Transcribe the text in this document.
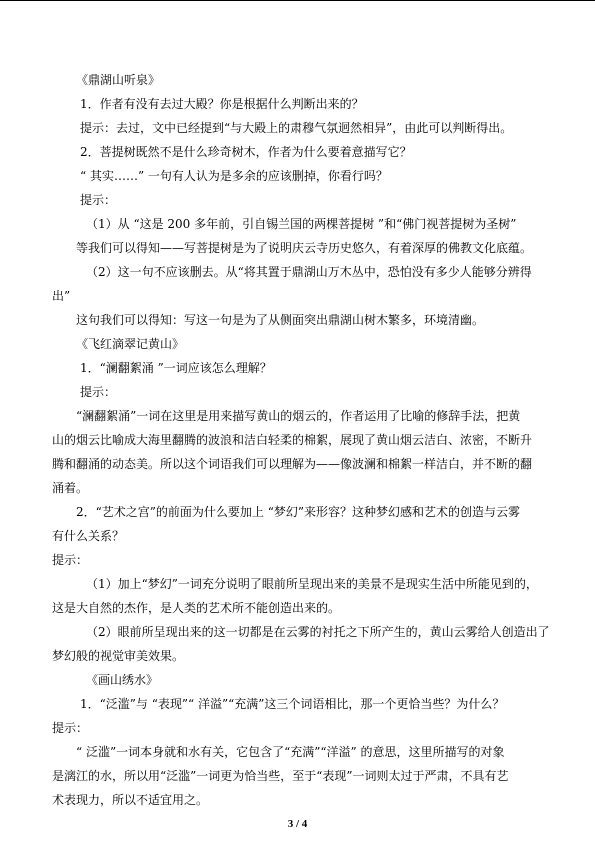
《鼎湖山听泉》
1．作者有没有去过大殿？你是根据什么判断出来的？
提示：去过，文中已经提到“与大殿上的肃穆气氛迥然相异”，由此可以判断得出。
2．菩提树既然不是什么珍奇树木，作者为什么要着意描写它？
“ 其实……” 一句有人认为是多余的应该删掉，你看行吗？
提示：
（1）从 “这是 200 多年前，引自锡兰国的两棵菩提树 ”和“佛门视菩提树为圣树”
等我们可以得知——写菩提树是为了说明庆云寺历史悠久，有着深厚的佛教文化底蕴。
（2）这一句不应该删去。从“将其置于鼎湖山万木丛中，恐怕没有多少人能够分辨得
出”
这句我们可以得知：写这一句是为了从侧面突出鼎湖山树木繁多，环境清幽。
《飞红滴翠记黄山》
1．“澜翻絮涌 ”一词应该怎么理解？
提示：
“澜翻絮涌”一词在这里是用来描写黄山的烟云的，作者运用了比喻的修辞手法，把黄
山的烟云比喻成大海里翻腾的波浪和洁白轻柔的棉絮，展现了黄山烟云洁白、浓密，不断升
腾和翻涌的动态美。所以这个词语我们可以理解为——像波澜和棉絮一样洁白，并不断的翻
涌着。
2．“艺术之宫”的前面为什么要加上 “梦幻”来形容？这种梦幻感和艺术的创造与云雾
有什么关系？
提示：
（1）加上“梦幻”一词充分说明了眼前所呈现出来的美景不是现实生活中所能见到的，
这是大自然的杰作，是人类的艺术所不能创造出来的。
（2）眼前所呈现出来的这一切都是在云雾的衬托之下所产生的，黄山云雾给人创造出了
梦幻般的视觉审美效果。
《画山绣水》
1．“泛滥”与 “表现”“ 洋溢”“充满”这三个词语相比，那一个更恰当些？为什么？
提示：
“ 泛滥”一词本身就和水有关，它包含了“充满”“洋溢” 的意思，这里所描写的对象
是漓江的水，所以用“泛滥”一词更为恰当些，至于“表现”一词则太过于严肃，不具有艺
术表现力，所以不适宜用之。
3 / 4
